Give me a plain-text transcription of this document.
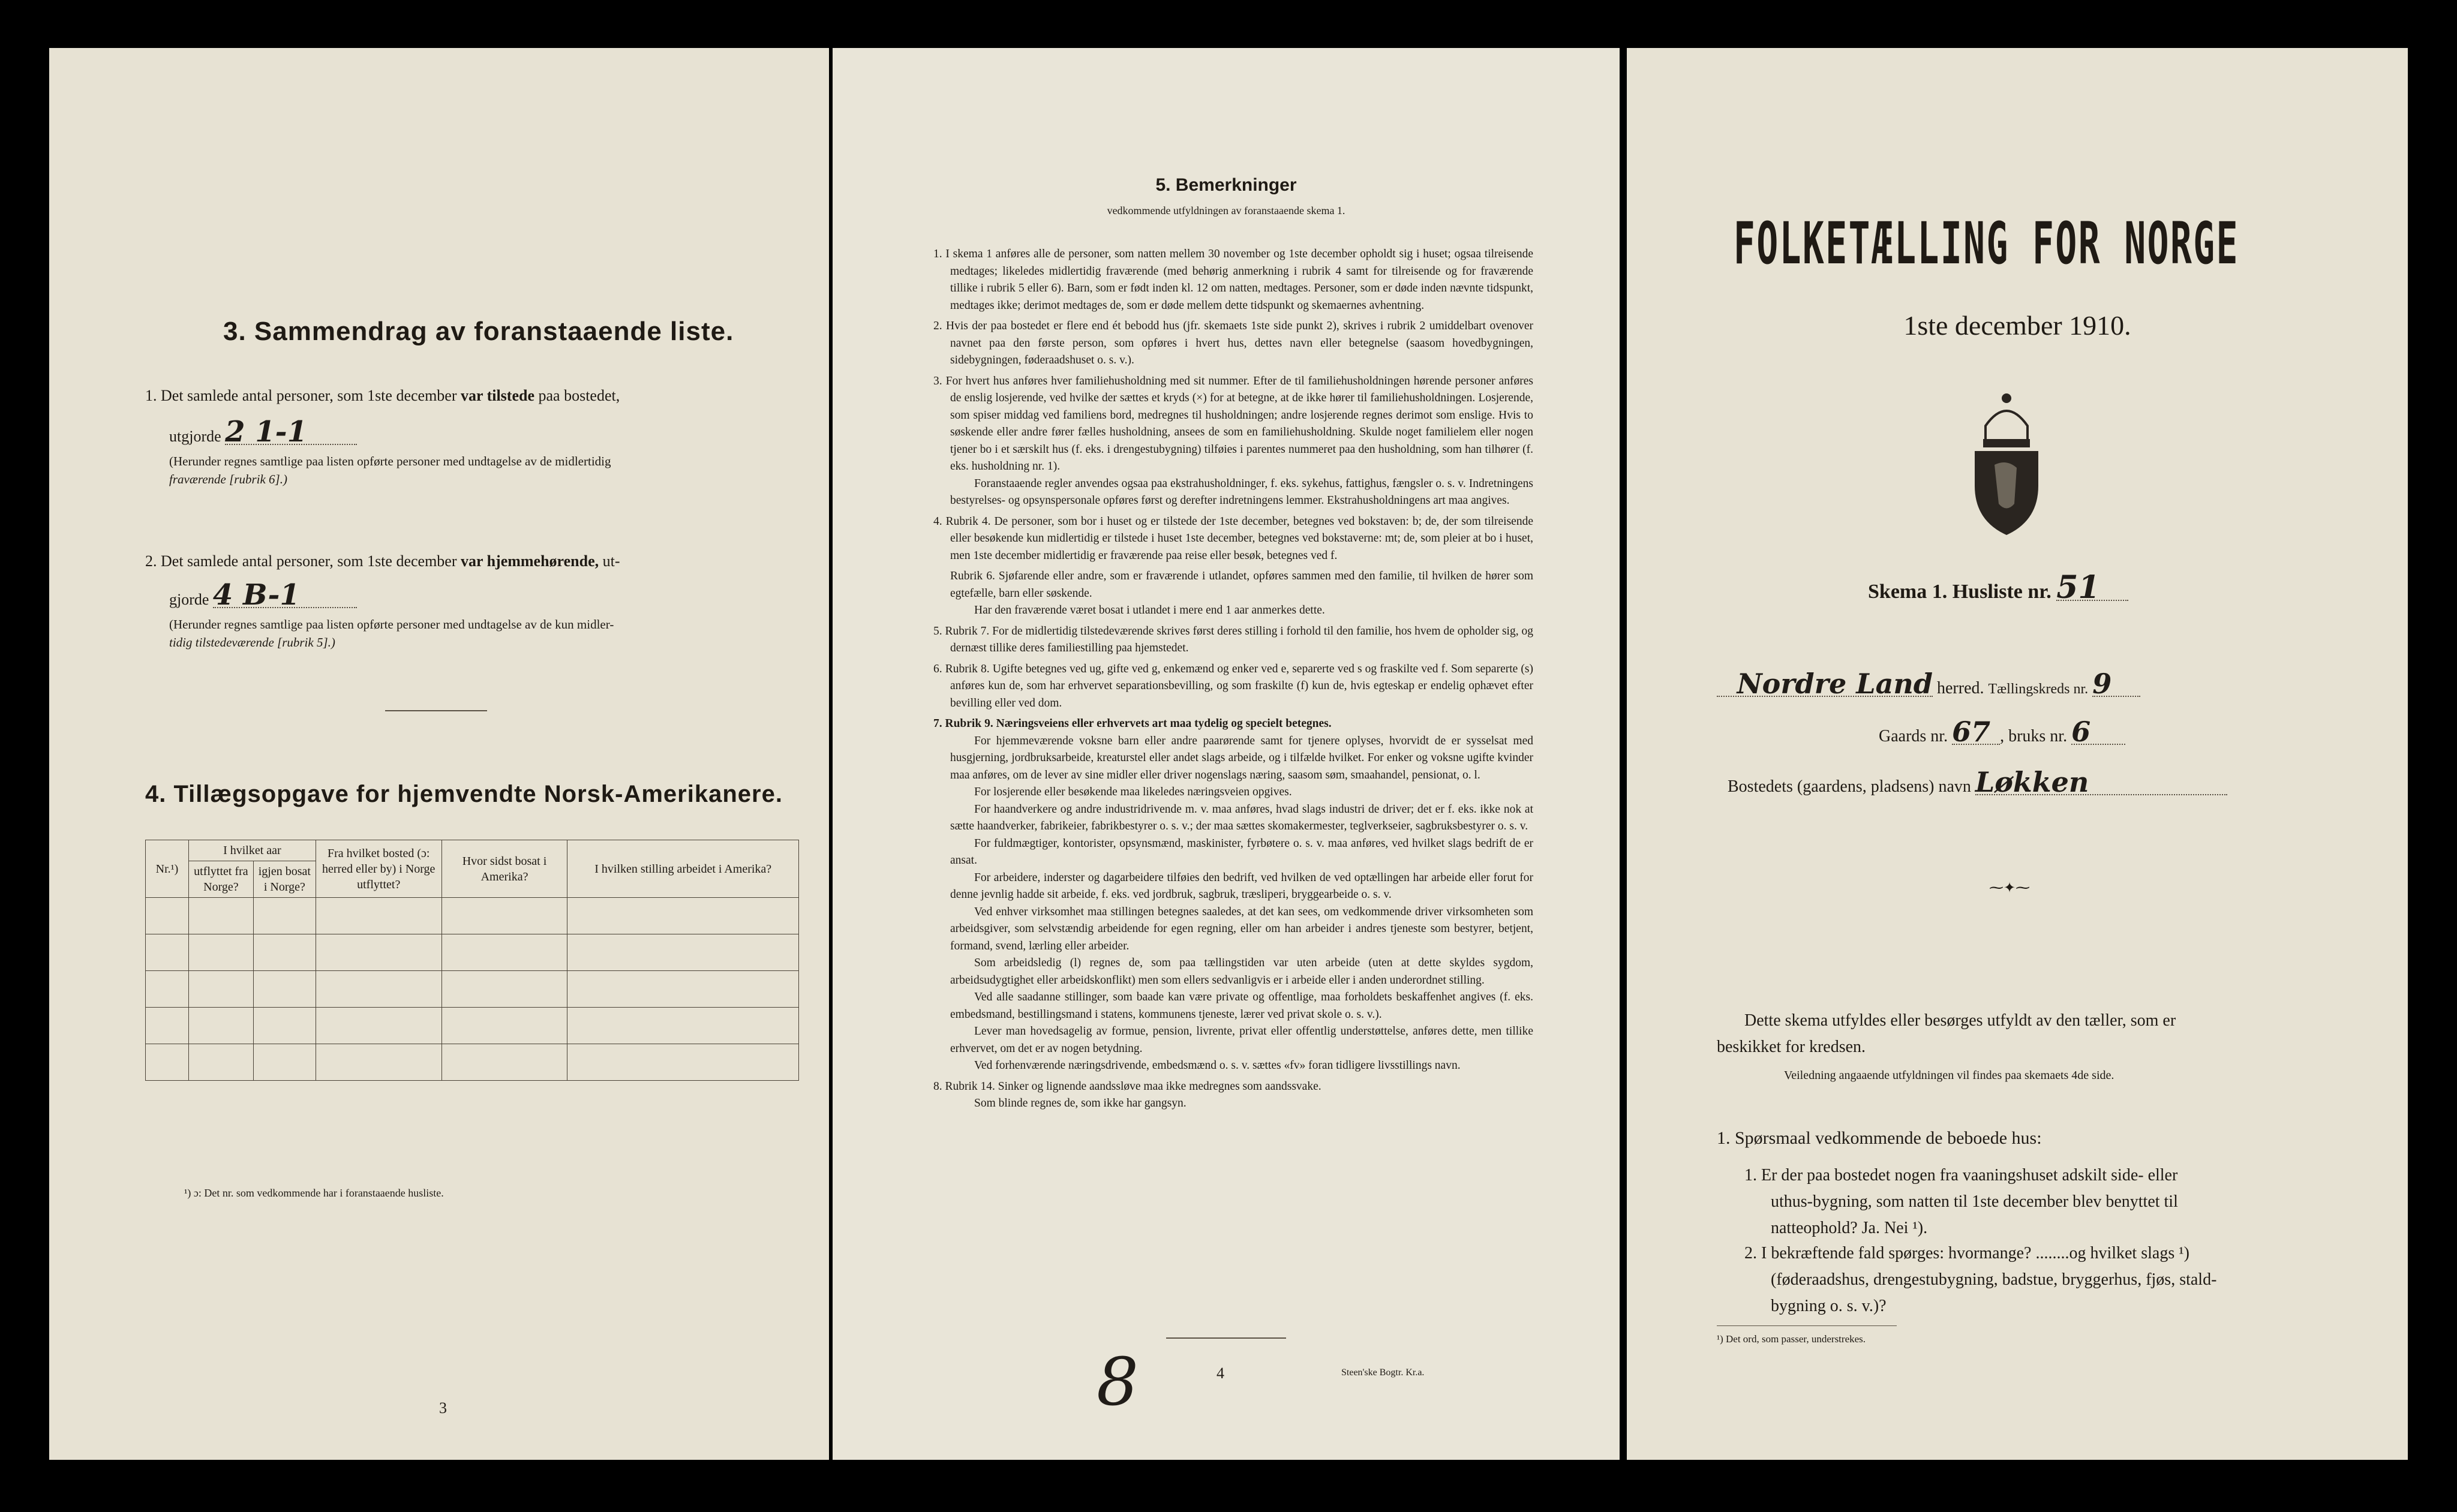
3. Sammendrag av foranstaaende liste.
1. Det samlede antal personer, som 1ste december var tilstede paa bostedet,
utgjorde 2 1-1
(Herunder regnes samtlige paa listen opførte personer med undtagelse av de midlertidig
fraværende [rubrik 6].)
2. Det samlede antal personer, som 1ste december var hjemmehørende, ut-
gjorde 4 B-1
(Herunder regnes samtlige paa listen opførte personer med undtagelse av de kun midler-
tidig tilstedeværende [rubrik 5].)
4. Tillægsopgave for hjemvendte Norsk-Amerikanere.
Nr.¹)	I hvilket aar		Fra hvilket bosted (ɔ: herred eller by) i Norge utflyttet?	Hvor sidst bosat i Amerika?	I hvilken stilling arbeidet i Amerika?
	utflyttet fra Norge?	igjen bosat i Norge?			

¹) ɔ: Det nr. som vedkommende har i foranstaaende husliste.
3
5. Bemerkninger
vedkommende utfyldningen av foranstaaende skema 1.

1. I skema 1 anføres alle de personer, som natten mellem 30 november og 1ste december opholdt sig i huset; ogsaa tilreisende medtages; likeledes midlertidig fraværende (med behørig anmerkning i rubrik 4 samt for tilreisende og for fraværende tillike i rubrik 5 eller 6). Barn, som er født inden kl. 12 om natten, medtages. Personer, som er døde inden nævnte tidspunkt, medtages ikke; derimot medtages de, som er døde mellem dette tidspunkt og skemaernes avhentning.

2. Hvis der paa bostedet er flere end ét bebodd hus (jfr. skemaets 1ste side punkt 2), skrives i rubrik 2 umiddelbart ovenover navnet paa den første person, som opføres i hvert hus, dettes navn eller betegnelse (saasom hovedbygningen, sidebygningen, føderaadshuset o. s. v.).

3. For hvert hus anføres hver familiehusholdning med sit nummer. Efter de til familiehusholdningen hørende personer anføres de enslig losjerende, ved hvilke der sættes et kryds (×) for at betegne, at de ikke hører til familiehusholdningen. Losjerende, som spiser middag ved familiens bord, medregnes til husholdningen; andre losjerende regnes derimot som enslige. Hvis to søskende eller andre fører fælles husholdning, ansees de som en familiehusholdning. Skulde noget familielem eller nogen tjener bo i et særskilt hus (f. eks. i drengestubygning) tilføies i parentes nummeret paa den husholdning, som han tilhører (f. eks. husholdning nr. 1).

Foranstaaende regler anvendes ogsaa paa ekstrahusholdninger, f. eks. sykehus, fattighus, fængsler o. s. v. Indretningens bestyrelses- og opsynspersonale opføres først og derefter indretningens lemmer. Ekstrahusholdningens art maa angives.

4. Rubrik 4. De personer, som bor i huset og er tilstede der 1ste december, betegnes ved bokstaven: b; de, der som tilreisende eller besøkende kun midlertidig er tilstede i huset 1ste december, betegnes ved bokstaverne: mt; de, som pleier at bo i huset, men 1ste december midlertidig er fraværende paa reise eller besøk, betegnes ved f.

Rubrik 6. Sjøfarende eller andre, som er fraværende i utlandet, opføres sammen med den familie, til hvilken de hører som egtefælle, barn eller søskende.

Har den fraværende været bosat i utlandet i mere end 1 aar anmerkes dette.

5. Rubrik 7. For de midlertidig tilstedeværende skrives først deres stilling i forhold til den familie, hos hvem de opholder sig, og dernæst tillike deres familiestilling paa hjemstedet.

6. Rubrik 8. Ugifte betegnes ved ug, gifte ved g, enkemænd og enker ved e, separerte ved s og fraskilte ved f. Som separerte (s) anføres kun de, som har erhvervet separationsbevilling, og som fraskilte (f) kun de, hvis egteskap er endelig ophævet efter bevilling eller ved dom.

7. Rubrik 9. Næringsveiens eller erhvervets art maa tydelig og specielt betegnes.

For hjemmeværende voksne barn eller andre paarørende samt for tjenere oplyses, hvorvidt de er sysselsat med husgjerning, jordbruksarbeide, kreaturstel eller andet slags arbeide, og i tilfælde hvilket. For enker og voksne ugifte kvinder maa anføres, om de lever av sine midler eller driver nogenslags næring, saasom søm, smaahandel, pensionat, o. l.

For losjerende eller besøkende maa likeledes næringsveien opgives.

For haandverkere og andre industridrivende m. v. maa anføres, hvad slags industri de driver; det er f. eks. ikke nok at sætte haandverker, fabrikeier, fabrikbestyrer o. s. v.; der maa sættes skomakermester, teglverkseier, sagbruksbestyrer o. s. v.

For fuldmægtiger, kontorister, opsynsmænd, maskinister, fyrbøtere o. s. v. maa anføres, ved hvilket slags bedrift de er ansat.

For arbeidere, inderster og dagarbeidere tilføies den bedrift, ved hvilken de ved optællingen har arbeide eller forut for denne jevnlig hadde sit arbeide, f. eks. ved jordbruk, sagbruk, træsliperi, bryggearbeide o. s. v.

Ved enhver virksomhet maa stillingen betegnes saaledes, at det kan sees, om vedkommende driver virksomheten som arbeidsgiver, som selvstændig arbeidende for egen regning, eller om han arbeider i andres tjeneste som bestyrer, betjent, formand, svend, lærling eller arbeider.

Som arbeidsledig (l) regnes de, som paa tællingstiden var uten arbeide (uten at dette skyldes sygdom, arbeidsudygtighet eller arbeidskonflikt) men som ellers sedvanligvis er i arbeide eller i anden underordnet stilling.

Ved alle saadanne stillinger, som baade kan være private og offentlige, maa forholdets beskaffenhet angives (f. eks. embedsmand, bestillingsmand i statens, kommunens tjeneste, lærer ved privat skole o. s. v.).

Lever man hovedsagelig av formue, pension, livrente, privat eller offentlig understøttelse, anføres dette, men tillike erhvervet, om det er av nogen betydning.

Ved forhenværende næringsdrivende, embedsmænd o. s. v. sættes «fv» foran tidligere livsstillings navn.

8. Rubrik 14. Sinker og lignende aandssløve maa ikke medregnes som aandssvake.

Som blinde regnes de, som ikke har gangsyn.

8	4	Steen'ske Bogtr. Kr.a.
FOLKETÆLLING FOR NORGE
1ste december 1910.
Skema 1. Husliste nr. 51
Nordre Land herred. Tællingskreds nr. 9
Gaards nr. 67 , bruks nr. 6
Bostedets (gaardens, pladsens) navn Løkken
⁓✦⁓
Dette skema utfyldes eller besørges utfyldt av den tæller, som er
beskikket for kredsen.
Veiledning angaaende utfyldningen vil findes paa skemaets 4de side.
1. Spørsmaal vedkommende de beboede hus:
1. Er der paa bostedet nogen fra vaaningshuset adskilt side- eller
uthus-bygning, som natten til 1ste december blev benyttet til
natteophold? Ja. Nei ¹).
2. I bekræftende fald spørges: hvormange? ........og hvilket slags ¹)
(føderaadshus, drengestubygning, badstue, bryggerhus, fjøs, stald-
bygning o. s. v.)?
¹) Det ord, som passer, understrekes.
